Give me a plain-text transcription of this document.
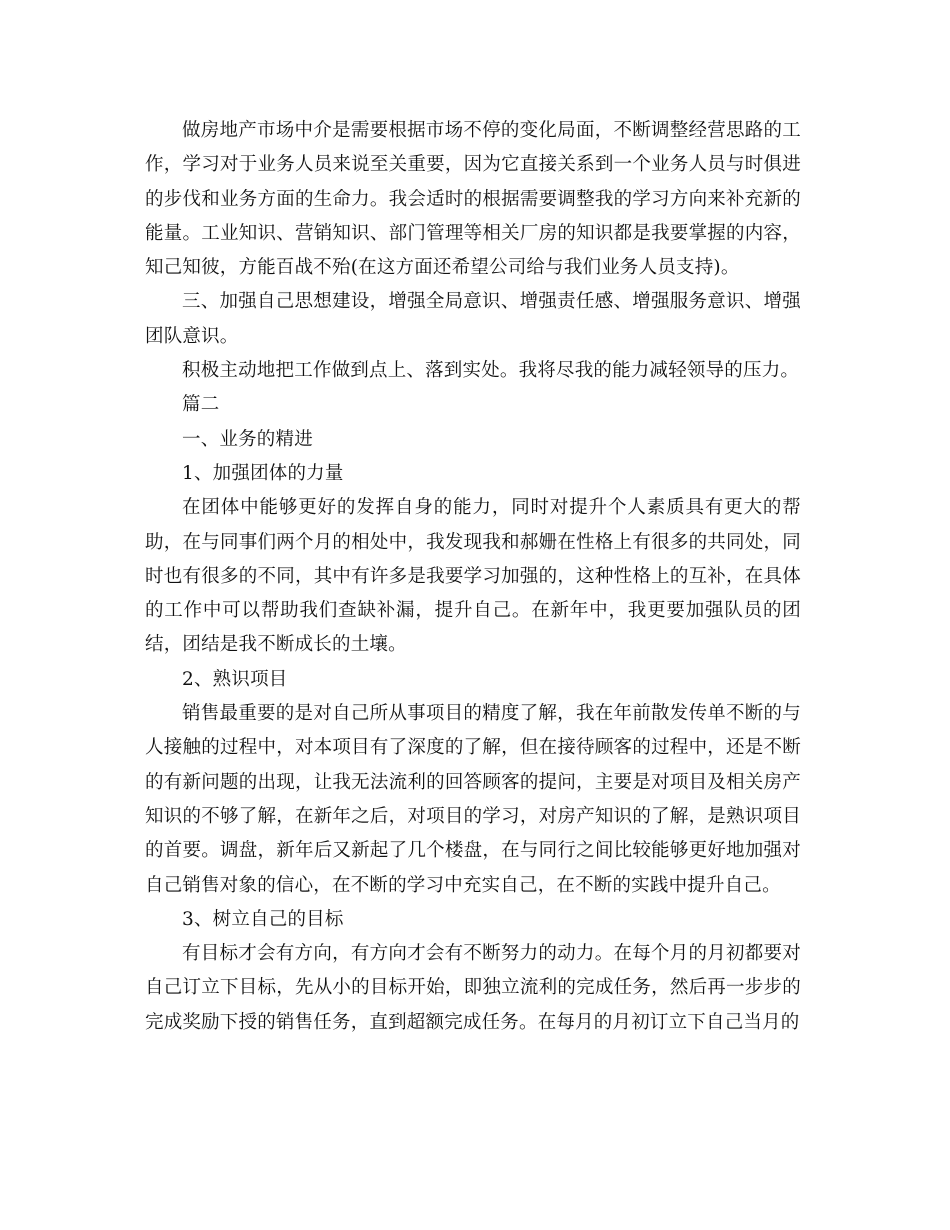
做房地产市场中介是需要根据市场不停的变化局面，不断调整经营思路的工作，学习对于业务人员来说至关重要，因为它直接关系到一个业务人员与时俱进的步伐和业务方面的生命力。我会适时的根据需要调整我的学习方向来补充新的能量。工业知识、营销知识、部门管理等相关厂房的知识都是我要掌握的内容，知己知彼，方能百战不殆(在这方面还希望公司给与我们业务人员支持)。

三、加强自己思想建设，增强全局意识、增强责任感、增强服务意识、增强团队意识。

积极主动地把工作做到点上、落到实处。我将尽我的能力减轻领导的压力。

篇二

一、业务的精进

1、加强团体的力量

在团体中能够更好的发挥自身的能力，同时对提升个人素质具有更大的帮助，在与同事们两个月的相处中，我发现我和郝姗在性格上有很多的共同处，同时也有很多的不同，其中有许多是我要学习加强的，这种性格上的互补，在具体的工作中可以帮助我们查缺补漏，提升自己。在新年中，我更要加强队员的团结，团结是我不断成长的土壤。

2、熟识项目

销售最重要的是对自己所从事项目的精度了解，我在年前散发传单不断的与人接触的过程中，对本项目有了深度的了解，但在接待顾客的过程中，还是不断的有新问题的出现，让我无法流利的回答顾客的提问，主要是对项目及相关房产知识的不够了解，在新年之后，对项目的学习，对房产知识的了解，是熟识项目的首要。调盘，新年后又新起了几个楼盘，在与同行之间比较能够更好地加强对自己销售对象的信心，在不断的学习中充实自己，在不断的实践中提升自己。

3、树立自己的目标

有目标才会有方向，有方向才会有不断努力的动力。在每个月的月初都要对自己订立下目标，先从小的目标开始，即独立流利的完成任务，然后再一步步的完成奖励下授的销售任务，直到超额完成任务。在每月的月初订立下自己当月的
